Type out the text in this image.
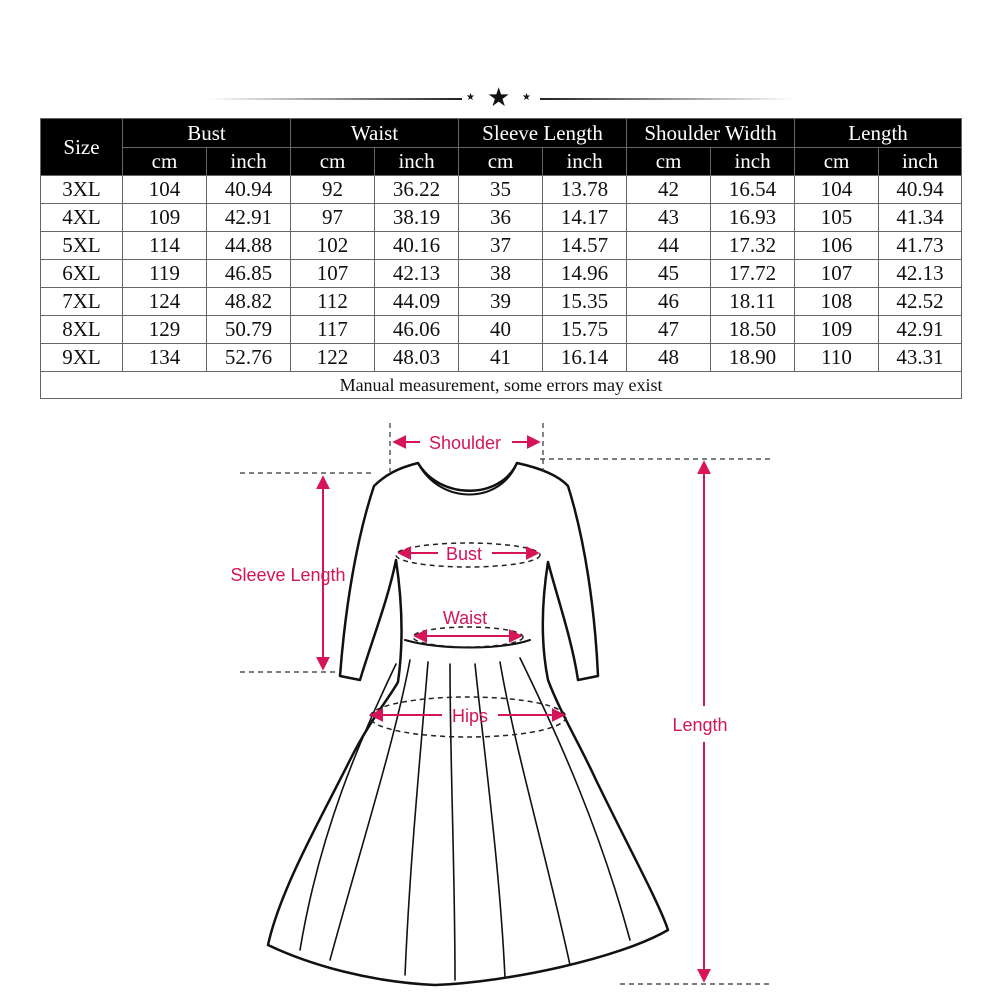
★ ★ ★
Size	Bust		Waist		Sleeve Length		Shoulder Width		Length	
	cm	inch	cm	inch	cm	inch	cm	inch	cm	inch
3XL	104	40.94	92	36.22	35	13.78	42	16.54	104	40.94
4XL	109	42.91	97	38.19	36	14.17	43	16.93	105	41.34
5XL	114	44.88	102	40.16	37	14.57	44	17.32	106	41.73
6XL	119	46.85	107	42.13	38	14.96	45	17.72	107	42.13
7XL	124	48.82	112	44.09	39	15.35	46	18.11	108	42.52
8XL	129	50.79	117	46.06	40	15.75	47	18.50	109	42.91
9XL	134	52.76	122	48.03	41	16.14	48	18.90	110	43.31
Manual measurement, some errors may exist										
Shoulder
Bust
Sleeve Length
Waist
Hips	Length
